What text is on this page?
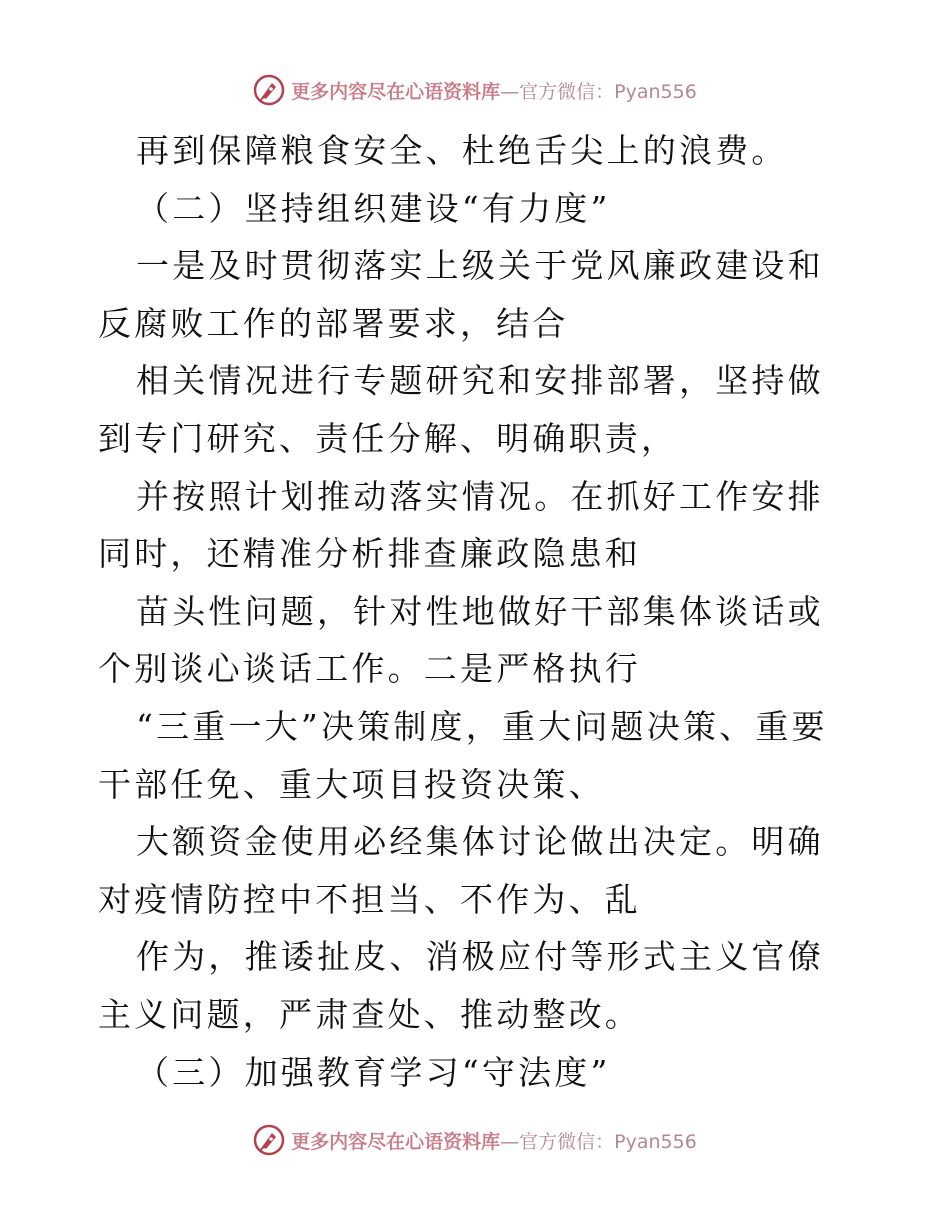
更多内容尽在心语资料库 —官方微信：Pyan556

再到保障粮食安全、杜绝舌尖上的浪费。

（二）坚持组织建设“有力度”

一是及时贯彻落实上级关于党风廉政建设和反腐败工作的部署要求，结合

相关情况进行专题研究和安排部署，坚持做到专门研究、责任分解、明确职责，

并按照计划推动落实情况。在抓好工作安排同时，还精准分析排查廉政隐患和

苗头性问题，针对性地做好干部集体谈话或个别谈心谈话工作。二是严格执行

“三重一大”决策制度，重大问题决策、重要干部任免、重大项目投资决策、

大额资金使用必经集体讨论做出决定。明确对疫情防控中不担当、不作为、乱

作为，推诿扯皮、消极应付等形式主义官僚主义问题，严肃查处、推动整改。

（三）加强教育学习“守法度”

更多内容尽在心语资料库 —官方微信：Pyan556
